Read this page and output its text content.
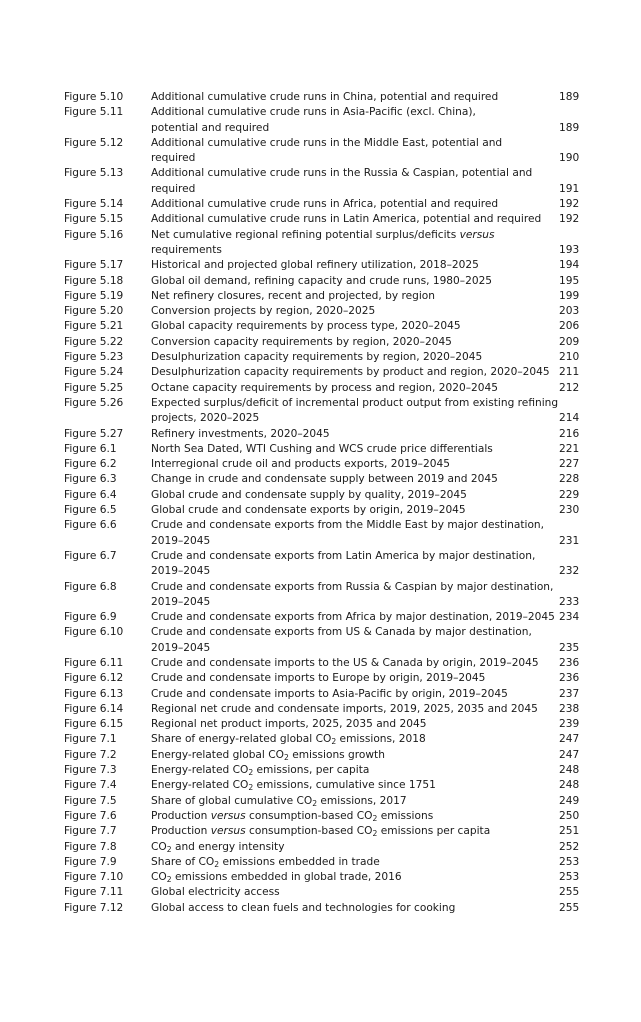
Figure 5.10	Additional cumulative crude runs in China, potential and required	189
Figure 5.11	Additional cumulative crude runs in Asia-Pacific (excl. China),
potential and required	189
Figure 5.12	Additional cumulative crude runs in the Middle East, potential and
required	190
Figure 5.13	Additional cumulative crude runs in the Russia & Caspian, potential and
required	191
Figure 5.14	Additional cumulative crude runs in Africa, potential and required	192
Figure 5.15	Additional cumulative crude runs in Latin America, potential and required	192
Figure 5.16	Net cumulative regional refining potential surplus/deficits versus
requirements	193
Figure 5.17	Historical and projected global refinery utilization, 2018–2025	194
Figure 5.18	Global oil demand, refining capacity and crude runs, 1980–2025	195
Figure 5.19	Net refinery closures, recent and projected, by region	199
Figure 5.20	Conversion projects by region, 2020–2025	203
Figure 5.21	Global capacity requirements by process type, 2020–2045	206
Figure 5.22	Conversion capacity requirements by region, 2020–2045	209
Figure 5.23	Desulphurization capacity requirements by region, 2020–2045	210
Figure 5.24	Desulphurization capacity requirements by product and region, 2020–2045 211
Figure 5.25	Octane capacity requirements by process and region, 2020–2045	212
Figure 5.26	Expected surplus/deficit of incremental product output from existing refining
projects, 2020–2025	214
Figure 5.27	Refinery investments, 2020–2045	216
Figure 6.1	North Sea Dated, WTI Cushing and WCS crude price differentials	221
Figure 6.2	Interregional crude oil and products exports, 2019–2045	227
Figure 6.3	Change in crude and condensate supply between 2019 and 2045	228
Figure 6.4	Global crude and condensate supply by quality, 2019–2045	229
Figure 6.5	Global crude and condensate exports by origin, 2019–2045	230
Figure 6.6	Crude and condensate exports from the Middle East by major destination,
2019–2045	231
Figure 6.7	Crude and condensate exports from Latin America by major destination,
2019–2045	232
Figure 6.8	Crude and condensate exports from Russia & Caspian by major destination,
2019–2045	233
Figure 6.9	Crude and condensate exports from Africa by major destination, 2019–2045 234
Figure 6.10	Crude and condensate exports from US & Canada by major destination,
2019–2045	235
Figure 6.11	Crude and condensate imports to the US & Canada by origin, 2019–2045	236
Figure 6.12	Crude and condensate imports to Europe by origin, 2019–2045	236
Figure 6.13	Crude and condensate imports to Asia-Pacific by origin, 2019–2045	237
Figure 6.14	Regional net crude and condensate imports, 2019, 2025, 2035 and 2045	238
Figure 6.15	Regional net product imports, 2025, 2035 and 2045	239
Figure 7.1	Share of energy-related global $CO_2$ emissions, 2018	247
Figure 7.2	Energy-related global $CO_2$ emissions growth	247
Figure 7.3	Energy-related $CO_2$ emissions, per capita	248
Figure 7.4	Energy-related $CO_2$ emissions, cumulative since 1751	248
Figure 7.5	Share of global cumulative $CO_2$ emissions, 2017	249
Figure 7.6	Production versus consumption-based $CO_2$ emissions	250
Figure 7.7	Production versus consumption-based $CO_2$ emissions per capita	251
Figure 7.8	$CO_2$ and energy intensity	252
Figure 7.9	Share of $CO_2$ emissions embedded in trade	253
Figure 7.10	$CO_2$ emissions embedded in global trade, 2016	253
Figure 7.11	Global electricity access	255
Figure 7.12	Global access to clean fuels and technologies for cooking	255
